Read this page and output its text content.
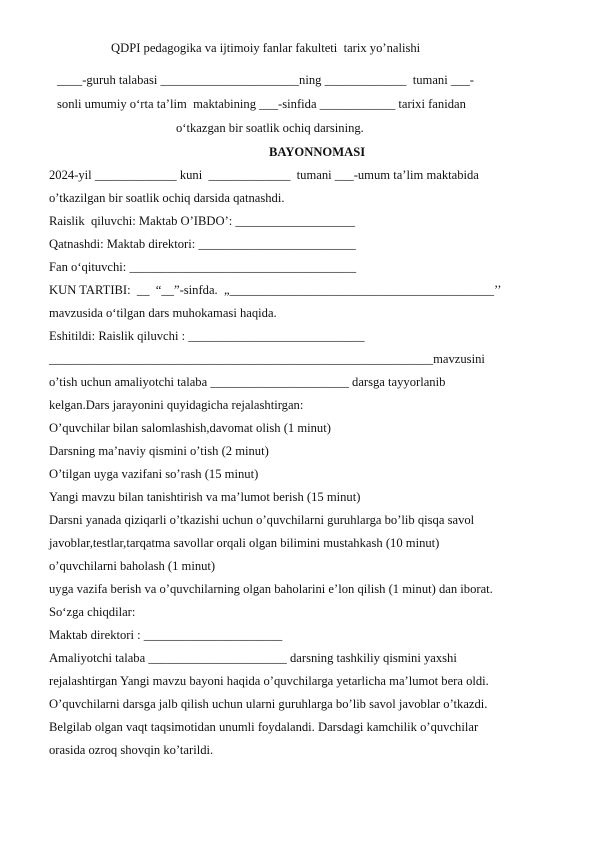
QDPI pedagogika va ijtimoiy fanlar fakulteti  tarix yo’nalishi
____-guruh talabasi ______________________ning _____________  tumani ___-
sonli umumiy o‘rta ta’lim  maktabining ___-sinfida ____________ tarixi fanidan
o‘tkazgan bir soatlik ochiq darsining.
BAYONNOMASI
2024-yil _____________ kuni  _____________  tumani ___-umum ta’lim maktabida
o’tkazilgan bir soatlik ochiq darsida qatnashdi.
Raislik  qiluvchi: Maktab O’IBDO’: ___________________
Qatnashdi: Maktab direktori: _________________________
Fan o‘qituvchi: ____________________________________
KUN TARTIBI:  __  “__”-sinfda.  „__________________________________________’’
mavzusida o‘tilgan dars muhokamasi haqida.
Eshitildi: Raislik qiluvchi : ____________________________
_____________________________________________________________mavzusini
o’tish uchun amaliyotchi talaba ______________________ darsga tayyorlanib
kelgan.Dars jarayonini quyidagicha rejalashtirgan:
O’quvchilar bilan salomlashish,davomat olish (1 minut)
Darsning ma’naviy qismini o’tish (2 minut)
O’tilgan uyga vazifani so’rash (15 minut)
Yangi mavzu bilan tanishtirish va ma’lumot berish (15 minut)
Darsni yanada qiziqarli o’tkazishi uchun o’quvchilarni guruhlarga bo’lib qisqa savol
javoblar,testlar,tarqatma savollar orqali olgan bilimini mustahkash (10 minut)
o’quvchilarni baholash (1 minut)
uyga vazifa berish va o’quvchilarning olgan baholarini e’lon qilish (1 minut) dan iborat.
So‘zga chiqdilar:
Maktab direktori : ______________________
Amaliyotchi talaba ______________________ darsning tashkiliy qismini yaxshi
rejalashtirgan Yangi mavzu bayoni haqida o’quvchilarga yetarlicha ma’lumot bera oldi.
O’quvchilarni darsga jalb qilish uchun ularni guruhlarga bo’lib savol javoblar o’tkazdi.
Belgilab olgan vaqt taqsimotidan unumli foydalandi. Darsdagi kamchilik o’quvchilar
orasida ozroq shovqin ko’tarildi.
